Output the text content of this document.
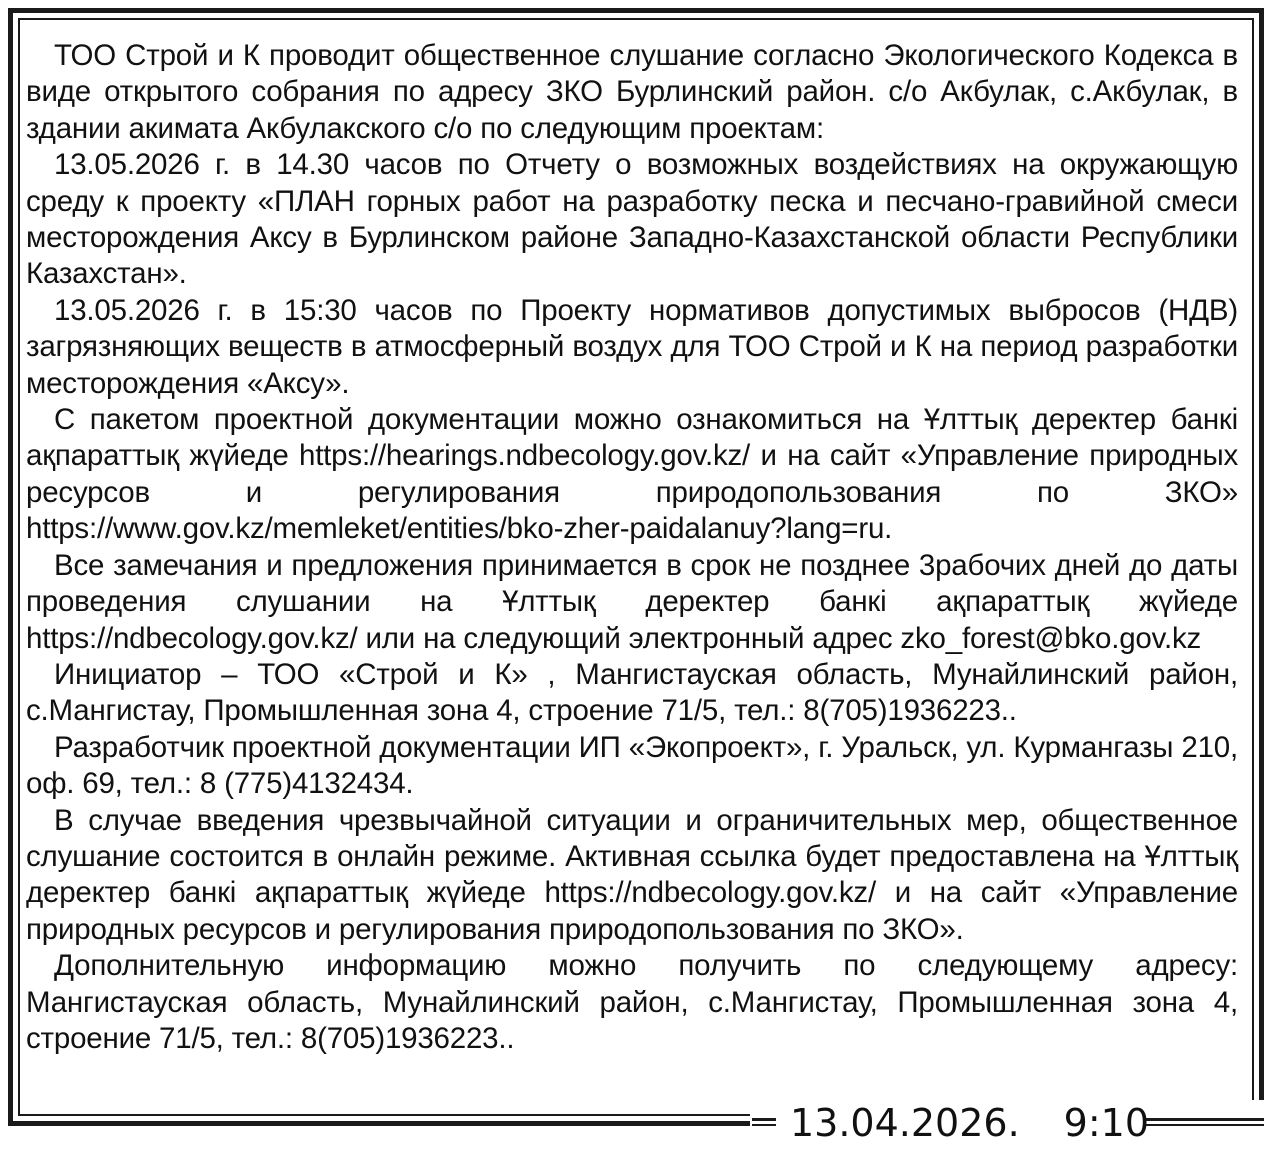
ТОО Строй и К проводит общественное слушание согласно Экологического Кодекса в виде открытого собрания по адресу ЗКО Бурлинский район. с/о Акбулак, с.Акбулак, в здании акимата Акбулакского с/о по следующим проектам:

13.05.2026 г. в 14.30 часов по Отчету о возможных воздействиях на окружающую среду к проекту «ПЛАН горных работ на разработку песка и песчано-гравийной смеси месторождения Аксу в Бурлинском районе Западно-Казахстанской области Республики Казахстан».

13.05.2026 г. в 15:30 часов по Проекту нормативов допустимых выбросов (НДВ) загрязняющих веществ в атмосферный воздух для ТОО Строй и К на период разработки месторождения «Аксу».

С пакетом проектной документации можно ознакомиться на Ұлттық деректер банкі ақпараттық жүйеде https://hearings.ndbecology.gov.kz/ и на сайт «Управление природных ресурсов и регулирования природопользования по ЗКО» https://www.gov.kz/memleket/entities/bko-zher-paidalanuy?lang=ru.

Все замечания и предложения принимается в срок не позднее 3рабочих дней до даты проведения слушании на Ұлттық деректер банкі ақпараттық жүйеде https://ndbecology.gov.kz/ или на следующий электронный адрес zko_forest@bko.gov.kz

Инициатор – ТОО «Строй и К» , Мангистауская область, Мунайлинский район, с.Мангистау, Промышленная зона 4, строение 71/5, тел.: 8(705)1936223..

Разработчик проектной документации ИП «Экопроект», г. Уральск, ул. Курмангазы 210, оф. 69, тел.: 8 (775)4132434.

В случае введения чрезвычайной ситуации и ограничительных мер, общественное слушание состоится в онлайн режиме. Активная ссылка будет предоставлена на Ұлттық деректер банкі ақпараттық жүйеде https://ndbecology.gov.kz/ и на сайт «Управление природных ресурсов и регулирования природопользования по ЗКО».

Дополнительную информацию можно получить по следующему адресу: Мангистауская область, Мунайлинский район, с.Мангистау, Промышленная зона 4, строение 71/5, тел.: 8(705)1936223..

13.04.2026. 9:10
